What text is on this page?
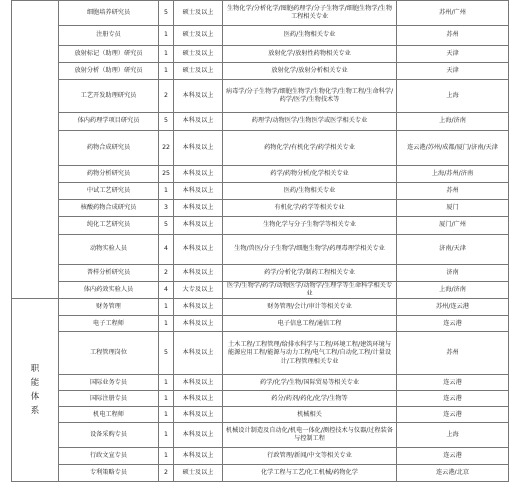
	细胞培养研究员	5	硕士及以上	生物化学/分析化学/图胞药理学/分子生物学/细胞生物学/生物工程相关专业	苏州/广州
	注册专员	1	硕士及以上	医药/生物相关专业	苏州
	放射标记（助理）研究员	1	硕士及以上	放射化学/放射性药物相关专业	天津
	放射分析（助理）研究员	1	硕士及以上	放射化学/放射分析相关专业	天津
	工艺开发助理研究员	2	本科及以上	病毒学/分子生物学/细胞生物学/生物化学/生物工程/生命科学/药学/医学/生物技术等	上海
	体内药理学项目研究员	5	本科及以上	药理学/动物医学/生物医学或医学相关专业	上海/济南
	药物合成研究员	22	本科及以上	药物化学/有机化学/药学相关专业	连云港/苏州/成都/厦门/济南/天津
	药物分析研究员	25	本科及以上	药学/药物分析/化学相关专业	上海/苏州/济南
	中试工艺研究员	1	本科及以上	医药/生物相关专业	苏州
	核酸药物合成研究员	3	本科及以上	有机化学/药学等相关专业	厦门
	纯化工艺研究员	5	本科及以上	生物化学与分子生物学等相关专业	厦门/广州
	动物实验人员	4	本科及以上	生物/兽医/分子生物学/细胞生物学/药理毒理学相关专业	济南/天津
	普样分析研究员	2	本科及以上	药学/分析化学/制药工程相关专业	济南
	体内药效实验人员	4	大专及以上	医学/生物学/药学/动物医学/动物学/生理学等生命科学相关专业	上海/济南

职
能
体
系	财务管理	1	本科及以上	财务管理/会计/审计等相关专业	苏州/连云港
	电子工程师	1	本科及以上	电子信息工程/通信工程	连云港
	工程管理岗位	5	本科及以上	土木工程/工程管理/给排水科学与工程/环境工程/建筑环境与能源应用工程/能源与动力工程/电气工程/自动化工程/计量设计/工程管理相关专业	苏州
	国际业务专员	1	本科及以上	药学/化学/生物/国际贸易等相关专业	连云港
	国际注册专员	1	本科及以上	药分/药剂/药化/化学/生物等	连云港
	机电工程师	1	本科及以上	机械相关	连云港
	设备采购专员	1	本科及以上	机械设计制造及自动化/机电一体化/测控技术与仪器/过程装备与控制工程	上海
	行政文宣专员	1	本科及以上	行政管理/新闻/中文等相关专业	连云港
	专利策略专员	2	硕士及以上	化学工程与工艺/化工机械/药物化学	连云港/北京
